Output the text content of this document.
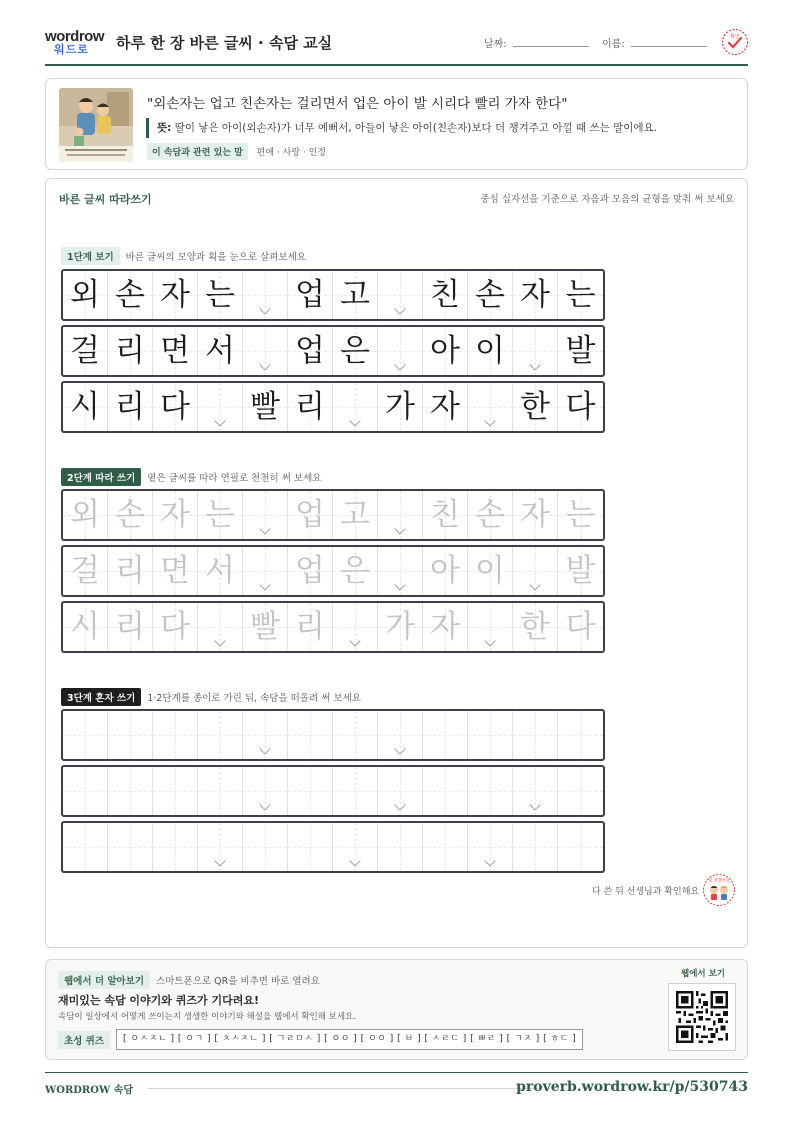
wordrow
워드로 하루 한 장 바른 글씨 · 속담 교실	날짜:	이름:
확인
"외손자는 업고 친손자는 걸리면서 업은 아이 발 시리다 빨리 가자 한다"
뜻: 딸이 낳은 아이(외손자)가 너무 예뻐서, 아들이 낳은 아이(친손자)보다 더 챙겨주고 아낄 때 쓰는 말이에요.
이 속담과 관련 있는 말 편애 · 사랑 · 인정
바른 글씨 따라쓰기	중심 십자선을 기준으로 자음과 모음의 균형을 맞춰 써 보세요
1단계 보기 바른 글씨의 모양과 획을 눈으로 살펴보세요
외 손 자 는 업 고 친 손 자 는
걸 리 면 서 업 은 아 이 발
시 리 다 빨 리 가 자 한 다
2단계 따라 쓰기 옅은 글씨를 따라 연필로 천천히 써 보세요
외 손 자 는 업 고 친 손 자 는
걸 리 면 서 업 은 아 이 발
시 리 다 빨 리 가 자 한 다
3단계 혼자 쓰기 1·2단계를 종이로 가린 뒤, 속담을 떠올려 써 보세요
다 쓴 뒤 선생님과 확인해요
참 잘했어요
웹에서 더 알아보기 스마트폰으로 QR을 비추면 바로 열려요
재미있는 속담 이야기와 퀴즈가 기다려요!
속담이 일상에서 어떻게 쓰이는지 생생한 이야기와 해설을 웹에서 확인해 보세요.
초성 퀴즈 [ ㅇㅅㅈㄴ ] [ ㅇㄱ ] [ ㅊㅅㅈㄴ ] [ ㄱㄹㅁㅅ ] [ ㅇㅇ ] [ ㅇㅇ ] [ ㅂ ] [ ㅅㄹㄷ ] [ ㅃㄹ ] [ ㄱㅈ ] [ ㅎㄷ ]
웹에서 보기
WORDROW 속담	proverb.wordrow.kr/p/530743
